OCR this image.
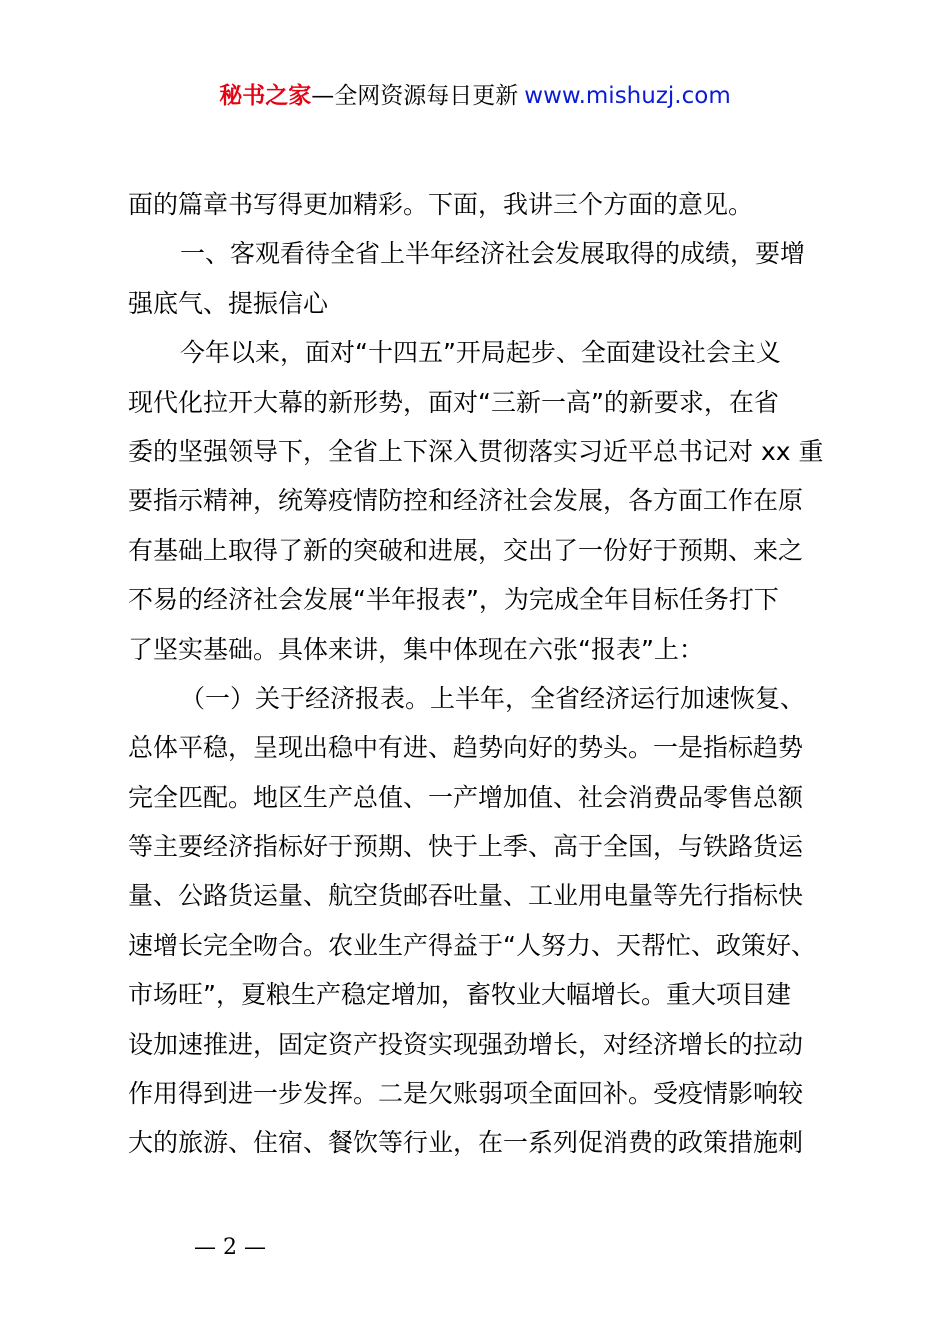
秘书之家—全网资源每日更新 www.mishuzj.com
面的篇章书写得更加精彩。下面，我讲三个方面的意见。
一、客观看待全省上半年经济社会发展取得的成绩，要增
强底气、提振信心
今年以来，面对“十四五”开局起步、全面建设社会主义
现代化拉开大幕的新形势，面对“三新一高”的新要求，在省
委的坚强领导下，全省上下深入贯彻落实习近平总书记对 xx 重
要指示精神，统筹疫情防控和经济社会发展，各方面工作在原
有基础上取得了新的突破和进展，交出了一份好于预期、来之
不易的经济社会发展“半年报表”，为完成全年目标任务打下
了坚实基础。具体来讲，集中体现在六张“报表”上：
（一）关于经济报表。上半年，全省经济运行加速恢复、
总体平稳，呈现出稳中有进、趋势向好的势头。一是指标趋势
完全匹配。地区生产总值、一产增加值、社会消费品零售总额
等主要经济指标好于预期、快于上季、高于全国，与铁路货运
量、公路货运量、航空货邮吞吐量、工业用电量等先行指标快
速增长完全吻合。农业生产得益于“人努力、天帮忙、政策好、
市场旺”，夏粮生产稳定增加，畜牧业大幅增长。重大项目建
设加速推进，固定资产投资实现强劲增长，对经济增长的拉动
作用得到进一步发挥。二是欠账弱项全面回补。受疫情影响较
大的旅游、住宿、餐饮等行业，在一系列促消费的政策措施刺
— 2 —
